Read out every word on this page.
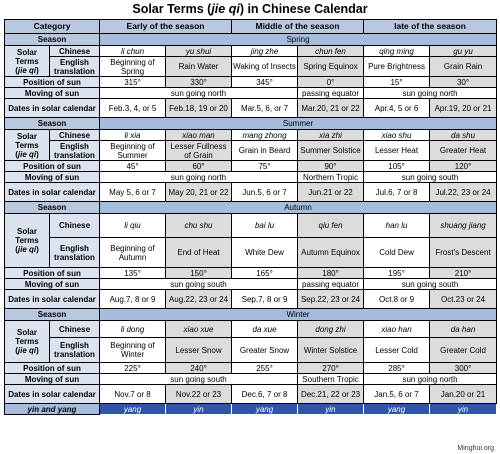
Solar Terms (jie qi) in Chinese Calendar
Category		Early of the season		Middle of the season		late of the season	
Season		Spring					
Solar
Terms
(jie qi)	Chinese	li chun	yu shui	jing zhe	chun fen	qing ming	gu yu
	English translation	Beginning of Spring	Rain Water	Waking of Insects	Spring Equinox	Pure Brightness	Grain Rain
Position of sun		315°	330°	345°	0°	15°	30°
Moving of sun		sun going north			passing equator	sun going north	
Dates in solar calendar		Feb.3, 4, or 5	Feb.18, 19 or 20	Mar.5, 6, or 7	Mar.20, 21 or 22	Apr.4, 5 or 6	Apr.19, 20 or 21
Season		Summer					
Solar
Terms
(jie qi)	Chinese	li xia	xiao man	mang zhong	xia zhi	xiao shu	da shu
	English translation	Beginning of Summer	Lesser Fullness of Grain	Grain in Beard	Summer Solstice	Lesser Heat	Greater Heat
Position of sun		45°	60°	75°	90°	105°	120°
Moving of sun		sun going north			Northern Tropic	sun going south	
Dates in solar calendar		May 5, 6 or 7	May 20, 21 or 22	Jun.5, 6 or 7	Jun.21 or 22	Jul.6, 7 or 8	Jul.22, 23 or 24
Season		Autumn					
Solar
Terms
(jie qi)	Chinese	li qiu	chu shu	bai lu	qiu fen	han lu	shuang jiang
	English translation	Beginning of Autumn	End of Heat	White Dew	Autumn Equinox	Cold Dew	Frost's Descent
Position of sun		135°	150°	165°	180°	195°	210°
Moving of sun		sun going south			passing equator	sun going south	
Dates in solar calendar		Aug.7, 8 or 9	Aug.22, 23 or 24	Sep.7, 8 or 9	Sep.22, 23 or 24	Oct.8 or 9	Oct.23 or 24
Season		Winter					
Solar
Terms
(jie qi)	Chinese	li dong	xiao xue	da xue	dong zhi	xiao han	da han
	English translation	Beginning of Winter	Lesser Snow	Greater Snow	Winter Solstice	Lesser Cold	Greater Cold
Position of sun		225°	240°	255°	270°	285°	300°
Moving of sun		sun going south			Southern Tropic	sun going north	
Dates in solar calendar		Nov.7 or 8	Nov.22 or 23	Dec.6, 7 or 8	Dec.21, 22 or 23	Jan.5, 6 or 7	Jan.20 or 21
yin and yang		yang	yin	yang	yin	yang	yin
Minghui.org
